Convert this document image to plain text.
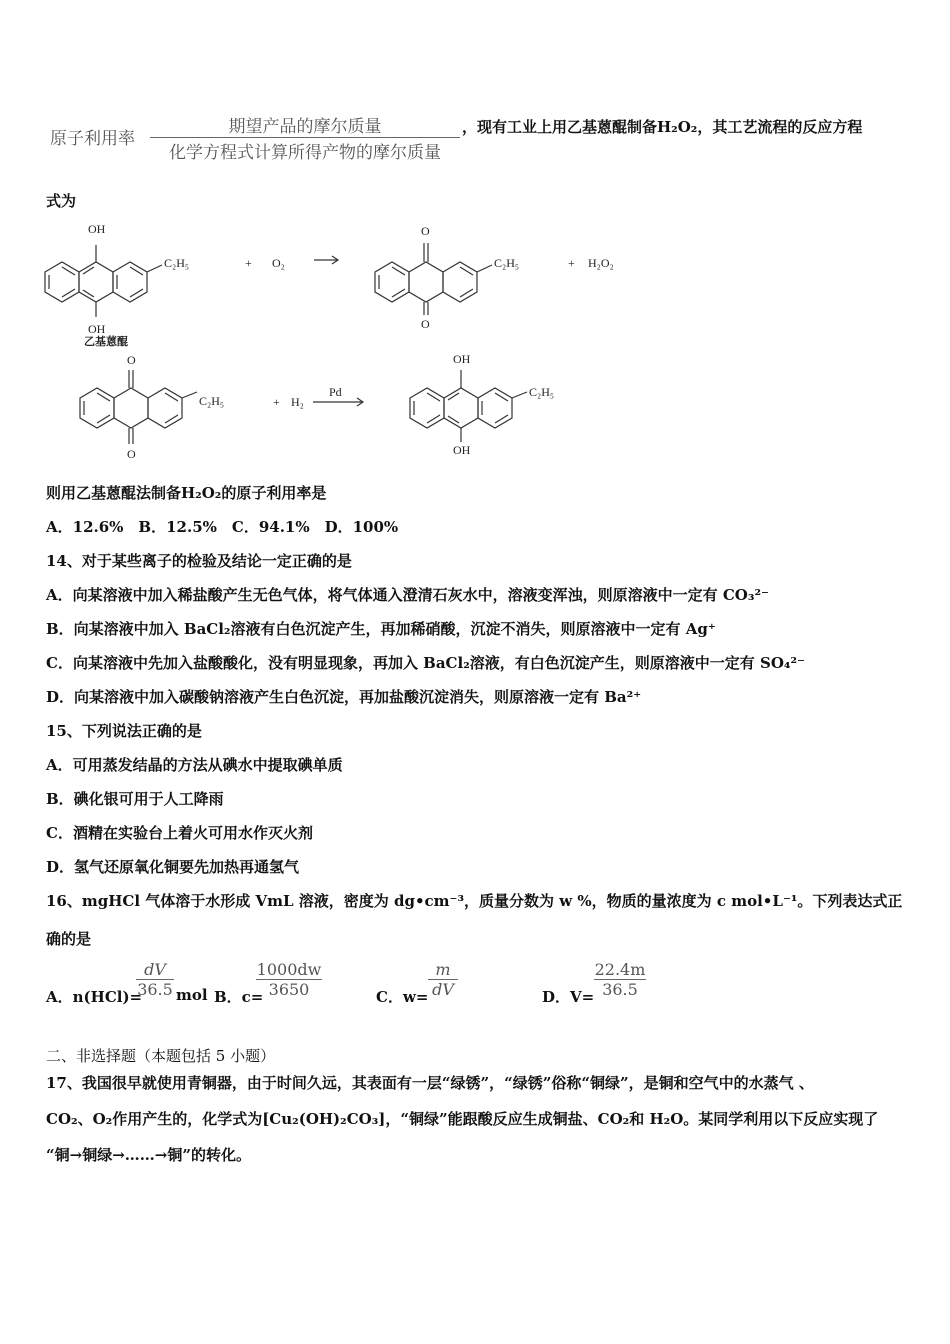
原子利用率
期望产品的摩尔质量
化学方程式计算所得产物的摩尔质量
，现有工业上用乙基蒽醌制备H₂O₂，其工艺流程的反应方程
式为
OH
OH
C₂H₅	+ O₂
O
O
C₂H₅	+ H₂O₂
乙基蒽醌
O
O
C₂H₅	+ H₂
Pd
OH
OH
C₂H₅
则用乙基蒽醌法制备H₂O₂的原子利用率是
A．12.6%　B．12.5%　C．94.1%　D．100%
14、对于某些离子的检验及结论一定正确的是
A．向某溶液中加入稀盐酸产生无色气体，将气体通入澄清石灰水中，溶液变浑浊，则原溶液中一定有 CO₃²⁻
B．向某溶液中加入 BaCl₂溶液有白色沉淀产生，再加稀硝酸，沉淀不消失，则原溶液中一定有 Ag⁺
C．向某溶液中先加入盐酸酸化，没有明显现象，再加入 BaCl₂溶液，有白色沉淀产生，则原溶液中一定有 SO₄²⁻
D．向某溶液中加入碳酸钠溶液产生白色沉淀，再加盐酸沉淀消失，则原溶液一定有 Ba²⁺
15、下列说法正确的是
A．可用蒸发结晶的方法从碘水中提取碘单质
B．碘化银可用于人工降雨
C．酒精在实验台上着火可用水作灭火剂
D．氢气还原氧化铜要先加热再通氢气
16、mgHCl 气体溶于水形成 VmL 溶液，密度为 dg•cm⁻³，质量分数为 w %，物质的量浓度为 c mol•L⁻¹。下列表达式正
确的是
A．n(HCl)=
dV
36.5 mol B．c=
1000dw
3650	C．w=
m
dV	D．V=
22.4m
36.5
二、非选择题（本题包括 5 小题）
17、我国很早就使用青铜器，由于时间久远，其表面有一层“绿锈”，“绿锈”俗称“铜绿”，是铜和空气中的水蒸气 、
CO₂、O₂作用产生的，化学式为[Cu₂(OH)₂CO₃]，“铜绿”能跟酸反应生成铜盐、CO₂和 H₂O。某同学利用以下反应实现了
“铜→铜绿→……→铜”的转化。
